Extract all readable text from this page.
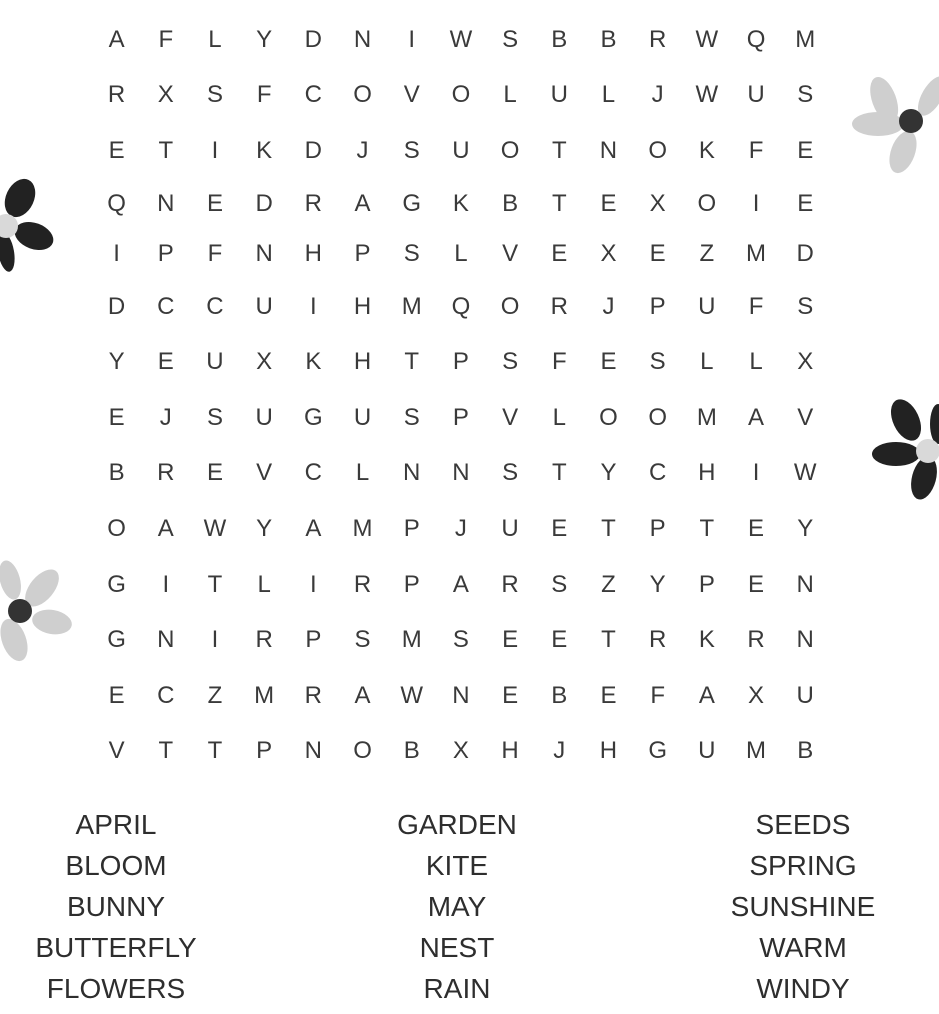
A	F	L	Y	D	N	I	W	S	B	B	R	W	Q	M
R	X	S	F	C	O	V	O	L	U	L	J	W	U	S
E	T	I	K	D	J	S	U	O	T	N	O	K	F	E
Q	N	E	D	R	A	G	K	B	T	E	X	O	I	E
I	P	F	N	H	P	S	L	V	E	X	E	Z	M	D
D	C	C	U	I	H	M	Q	O	R	J	P	U	F	S
Y	E	U	X	K	H	T	P	S	F	E	S	L	L	X
E	J	S	U	G	U	S	P	V	L	O	O	M	A	V
B	R	E	V	C	L	N	N	S	T	Y	C	H	I	W
O	A	W	Y	A	M	P	J	U	E	T	P	T	E	Y
G	I	T	L	I	R	P	A	R	S	Z	Y	P	E	N
G	N	I	R	P	S	M	S	E	E	T	R	K	R	N
E	C	Z	M	R	A	W	N	E	B	E	F	A	X	U
V	T	T	P	N	O	B	X	H	J	H	G	U	M	B
APRIL
BLOOM
BUNNY
BUTTERFLY
FLOWERS
GARDEN
KITE
MAY
NEST
RAIN
SEEDS
SPRING
SUNSHINE
WARM
WINDY
